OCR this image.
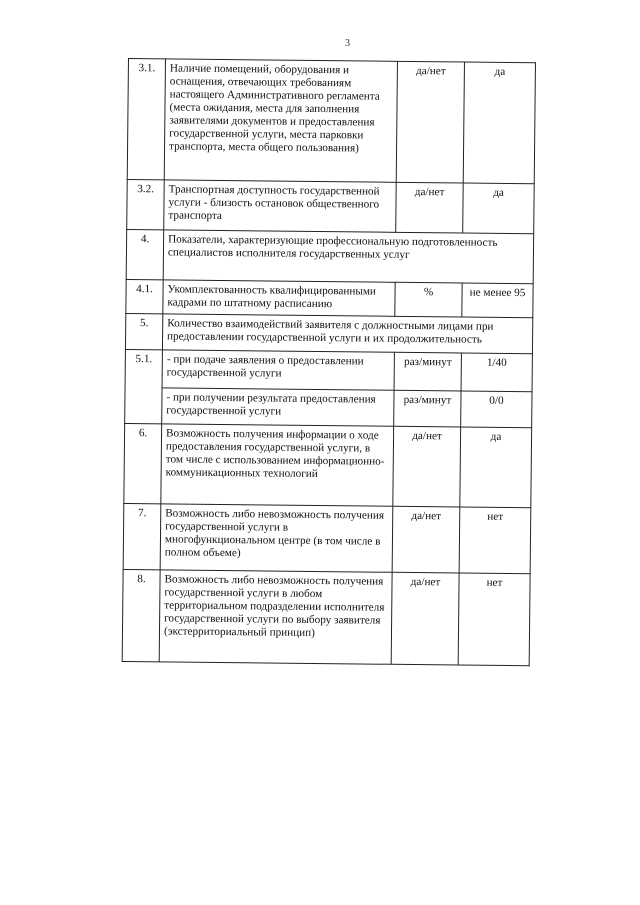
3
3.1.	Наличие помещений, оборудования и оснащения, отвечающих требованиям настоящего Административного регламента (места ожидания, места для заполнения заявителями документов и предоставления государственной услуги, места парковки транспорта, места общего пользования)	да/нет	да
3.2.	Транспортная доступность государственной услуги - близость остановок общественного транспорта	да/нет	да
4.	Показатели, характеризующие профессиональную подготовленность специалистов исполнителя государственных услуг		
4.1.	Укомплектованность квалифицированными кадрами по штатному расписанию	%	не менее 95
5.	Количество взаимодействий заявителя с должностными лицами при предоставлении государственной услуги и их продолжительность		
5.1.	- при подаче заявления о предоставлении государственной услуги	раз/минут	1/40
	- при получении результата предоставления государственной услуги	раз/минут	0/0
6.	Возможность получения информации о ходе предоставления государственной услуги, в том числе с использованием информационно-коммуникационных технологий	да/нет	да
7.	Возможность либо невозможность получения государственной услуги в многофункциональном центре (в том числе в полном объеме)	да/нет	нет
8.	Возможность либо невозможность получения государственной услуги в любом территориальном подразделении исполнителя государственной услуги по выбору заявителя (экстерриториальный принцип)	да/нет	нет
